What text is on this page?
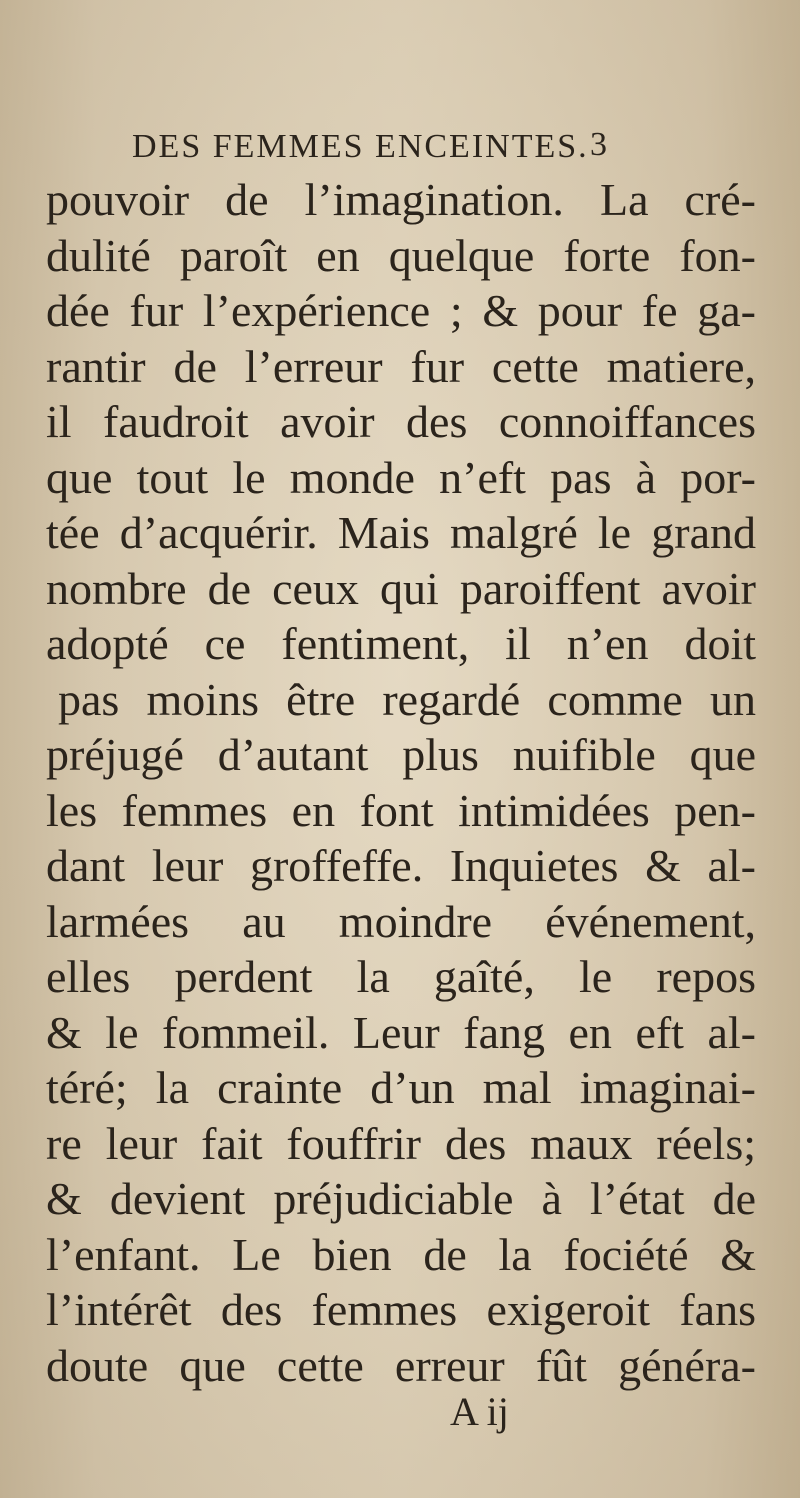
DES FEMMES ENCEINTES. 3
pouvoir de l’imagination. La cré-
dulité paroît en quelque forte fon-
dée fur l’expérience ; & pour fe ga-
rantir de l’erreur fur cette matiere,
il faudroit avoir des connoiffances
que tout le monde n’eft pas à por-
tée d’acquérir. Mais malgré le grand
nombre de ceux qui paroiffent avoir
adopté ce fentiment, il n’en doit
pas moins être regardé comme un
préjugé d’autant plus nuifible que
les femmes en font intimidées pen-
dant leur groffeffe. Inquietes & al-
larmées au moindre événement,
elles perdent la gaîté, le repos
& le fommeil. Leur fang en eft al-
téré; la crainte d’un mal imaginai-
re leur fait fouffrir des maux réels;
& devient préjudiciable à l’état de
l’enfant. Le bien de la fociété &
l’intérêt des femmes exigeroit fans
doute que cette erreur fût généra-
A ij
